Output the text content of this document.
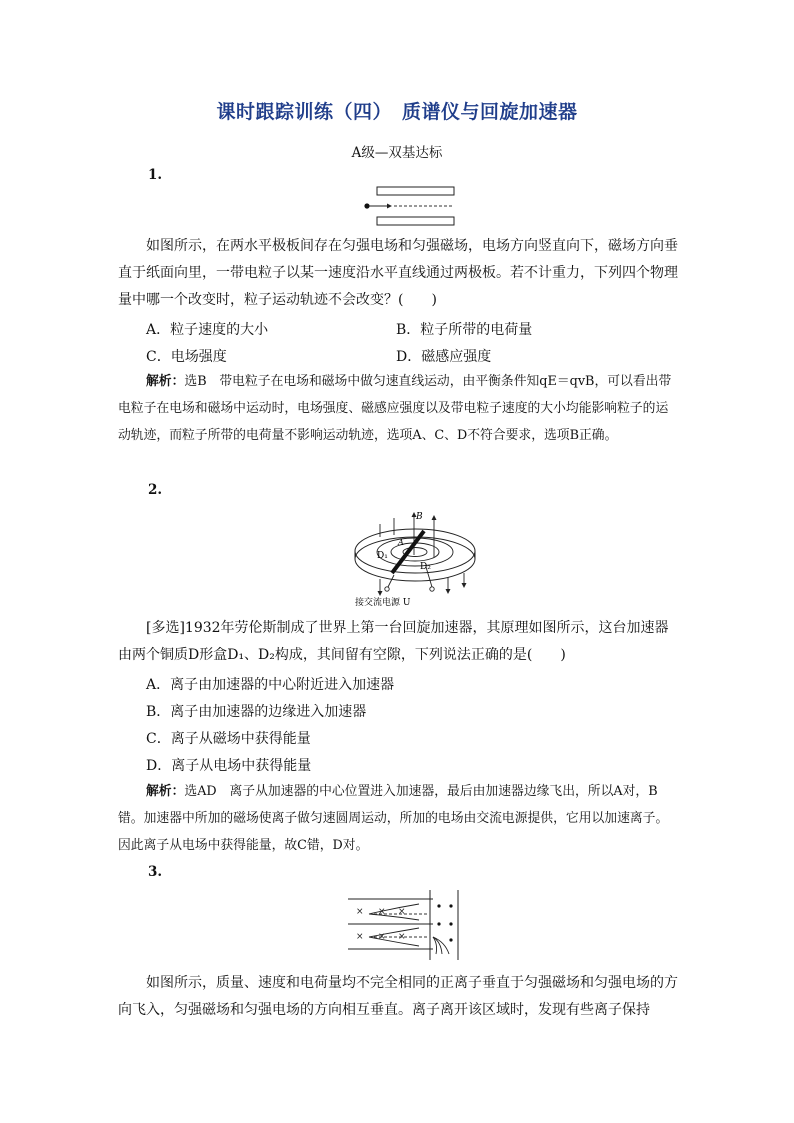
课时跟踪训练（四）　质谱仪与回旋加速器
A级—双基达标
1.
如图所示，在两水平极板间存在匀强电场和匀强磁场，电场方向竖直向下，磁场方向垂直于纸面向里，一带电粒子以某一速度沿水平直线通过两极板。若不计重力，下列四个物理量中哪一个改变时，粒子运动轨迹不会改变？(　　)
A．粒子速度的大小	B．粒子所带的电荷量
C．电场强度	D．磁感应强度
解析：选B　带电粒子在电场和磁场中做匀速直线运动，由平衡条件知qE＝qvB，可以看出带电粒子在电场和磁场中运动时，电场强度、磁感应强度以及带电粒子速度的大小均能影响粒子的运动轨迹，而粒子所带的电荷量不影响运动轨迹，选项A、C、D不符合要求，选项B正确。
2.
B
A
D₁
D₂
接交流电源 U
[多选]1932年劳伦斯制成了世界上第一台回旋加速器，其原理如图所示，这台加速器由两个铜质D形盒D₁、D₂构成，其间留有空隙，下列说法正确的是(　　)
A．离子由加速器的中心附近进入加速器
B．离子由加速器的边缘进入加速器
C．离子从磁场中获得能量
D．离子从电场中获得能量
解析：选AD　离子从加速器的中心位置进入加速器，最后由加速器边缘飞出，所以A对，B错。加速器中所加的磁场使离子做匀速圆周运动，所加的电场由交流电源提供，它用以加速离子。因此离子从电场中获得能量，故C错，D对。
3.
× × ×
× × ×
如图所示，质量、速度和电荷量均不完全相同的正离子垂直于匀强磁场和匀强电场的方向飞入，匀强磁场和匀强电场的方向相互垂直。离子离开该区域时，发现有些离子保持
